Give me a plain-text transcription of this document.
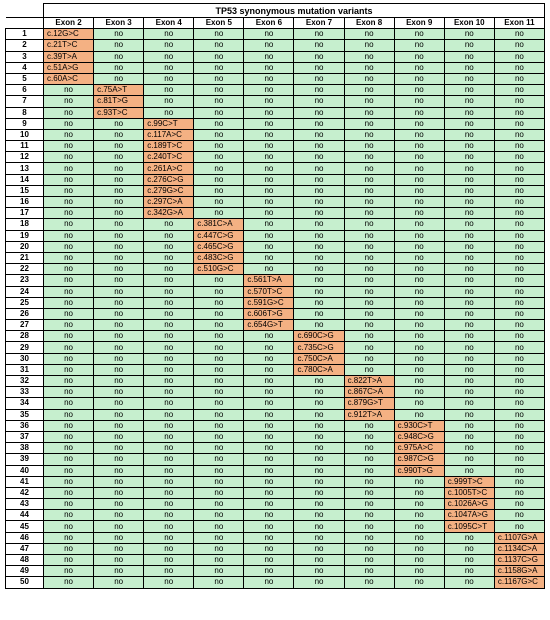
	TP53 synonymous mutation variants									
	Exon 2	Exon 3	Exon 4	Exon 5	Exon 6	Exon 7	Exon 8	Exon 9	Exon 10	Exon 11
1	c.12G>C	no	no	no	no	no	no	no	no	no
2	c.21T>C	no	no	no	no	no	no	no	no	no
3	c.39T>A	no	no	no	no	no	no	no	no	no
4	c.51A>G	no	no	no	no	no	no	no	no	no
5	c.60A>C	no	no	no	no	no	no	no	no	no
6	no	c.75A>T	no	no	no	no	no	no	no	no
7	no	c.81T>G	no	no	no	no	no	no	no	no
8	no	c.93T>C	no	no	no	no	no	no	no	no
9	no	no	c.99C>T	no	no	no	no	no	no	no
10	no	no	c.117A>C	no	no	no	no	no	no	no
11	no	no	c.189T>C	no	no	no	no	no	no	no
12	no	no	c.240T>C	no	no	no	no	no	no	no
13	no	no	c.261A>C	no	no	no	no	no	no	no
14	no	no	c.276C>G	no	no	no	no	no	no	no
15	no	no	c.279G>C	no	no	no	no	no	no	no
16	no	no	c.297C>A	no	no	no	no	no	no	no
17	no	no	c.342G>A	no	no	no	no	no	no	no
18	no	no	no	c.381C>A	no	no	no	no	no	no
19	no	no	no	c.447C>G	no	no	no	no	no	no
20	no	no	no	c.465C>G	no	no	no	no	no	no
21	no	no	no	c.483C>G	no	no	no	no	no	no
22	no	no	no	c.510G>C	no	no	no	no	no	no
23	no	no	no	no	c.561T>A	no	no	no	no	no
24	no	no	no	no	c.570T>C	no	no	no	no	no
25	no	no	no	no	c.591G>C	no	no	no	no	no
26	no	no	no	no	c.606T>G	no	no	no	no	no
27	no	no	no	no	c.654G>T	no	no	no	no	no
28	no	no	no	no	no	c.690C>G	no	no	no	no
29	no	no	no	no	no	c.735C>G	no	no	no	no
30	no	no	no	no	no	c.750C>A	no	no	no	no
31	no	no	no	no	no	c.780C>A	no	no	no	no
32	no	no	no	no	no	no	c.822T>A	no	no	no
33	no	no	no	no	no	no	c.867C>A	no	no	no
34	no	no	no	no	no	no	c.879G>T	no	no	no
35	no	no	no	no	no	no	c.912T>A	no	no	no
36	no	no	no	no	no	no	no	c.930C>T	no	no
37	no	no	no	no	no	no	no	c.948C>G	no	no
38	no	no	no	no	no	no	no	c.975A>C	no	no
39	no	no	no	no	no	no	no	c.987C>G	no	no
40	no	no	no	no	no	no	no	c.990T>G	no	no
41	no	no	no	no	no	no	no	no	c.999T>C	no
42	no	no	no	no	no	no	no	no	c.1005T>C	no
43	no	no	no	no	no	no	no	no	c.1026A>G	no
44	no	no	no	no	no	no	no	no	c.1047A>G	no
45	no	no	no	no	no	no	no	no	c.1095C>T	no
46	no	no	no	no	no	no	no	no	no	c.1107G>A
47	no	no	no	no	no	no	no	no	no	c.1134C>A
48	no	no	no	no	no	no	no	no	no	c.1137C>G
49	no	no	no	no	no	no	no	no	no	c.1158G>A
50	no	no	no	no	no	no	no	no	no	c.1167G>C
